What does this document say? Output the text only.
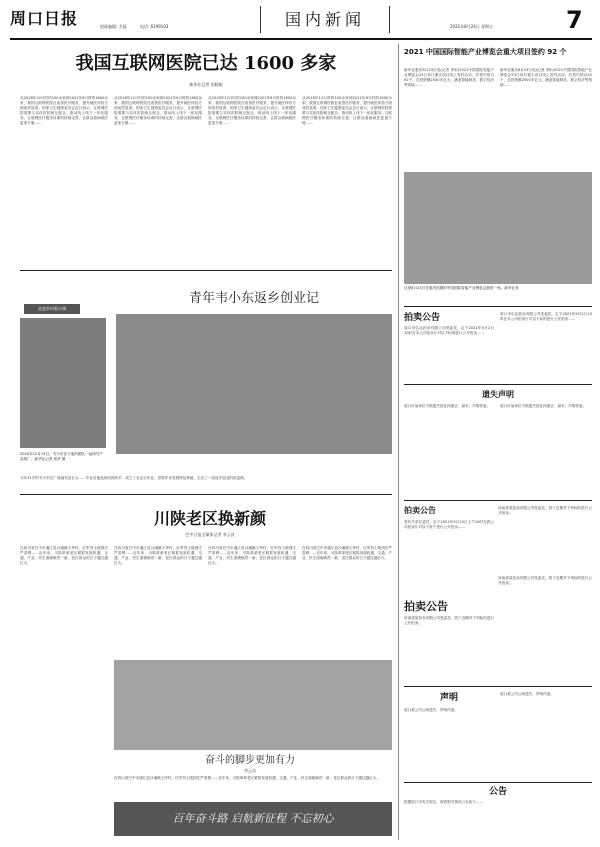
周口日报	值班编辑: 尤磊	电话: 6199103	国内新闻	2021年8月24日 星期五	7
我国互联网医院已达 1600 多家
新华社记者 田晓航
从2018年12月时的100余家到2021年6月时的1600余家，我国互联网医院在改善医疗服务、提升就医体验方面成效显著。国家卫生健康委员会近日表示，互联网医院需要与实体医院相互配合，推动线上线下一体化服务。互联网医疗服务体系的持续完善，让群众看病就医更加方便……
从2018年12月时的100余家到2021年6月时的1600余家，我国互联网医院在改善医疗服务、提升就医体验方面成效显著。国家卫生健康委员会近日表示，互联网医院需要与实体医院相互配合，推动线上线下一体化服务。互联网医疗服务体系的持续完善，让群众看病就医更加方便……
从2018年12月时的100余家到2021年6月时的1600余家，我国互联网医院在改善医疗服务、提升就医体验方面成效显著。国家卫生健康委员会近日表示，互联网医院需要与实体医院相互配合，推动线上线下一体化服务。互联网医疗服务体系的持续完善，让群众看病就医更加方便……
从2018年12月时的100余家到2021年6月时的1600余家，我国互联网医院在改善医疗服务、提升就医体验方面成效显著。国家卫生健康委员会近日表示，互联网医院需要与实体医院相互配合，推动线上线下一体化服务。互联网医疗服务体系的持续完善，让群众看病就医更加方便……
走进乡村看小康
2020年12月15日，韦小东在与他的团队一起研究产品推广。新华社记者 周华 摄
青年韦小东返乡创业记
今年31岁的韦小东在广西融安县长大……毕业后他选择回到家乡，成立了农业合作社，带领乡亲发展特色种植，走出了一条返乡创业的致富路。
川陕老区换新颜
巴中日报全媒体记者 李云良
在四川省巴中市通江县沙溪镇王坪村，红军烈士陵园庄严肃穆……近年来，川陕革命老区紧抓发展机遇，交通、产业、民生面貌焕然一新，老区群众的日子越过越红火。
在四川省巴中市通江县沙溪镇王坪村，红军烈士陵园庄严肃穆……近年来，川陕革命老区紧抓发展机遇，交通、产业、民生面貌焕然一新，老区群众的日子越过越红火。
在四川省巴中市通江县沙溪镇王坪村，红军烈士陵园庄严肃穆……近年来，川陕革命老区紧抓发展机遇，交通、产业、民生面貌焕然一新，老区群众的日子越过越红火。
在四川省巴中市通江县沙溪镇王坪村，红军烈士陵园庄严肃穆……近年来，川陕革命老区紧抓发展机遇，交通、产业、民生面貌焕然一新，老区群众的日子越过越红火。
奋斗的脚步更加有力
李云良
在四川省巴中市通江县沙溪镇王坪村，红军烈士陵园庄严肃穆……近年来，川陕革命老区紧抓发展机遇，交通、产业、民生面貌焕然一新，老区群众的日子越过越红火。
百年奋斗路 启航新征程 不忘初心
2021 中国国际智能产业博览会重大项目签约 92 个
新华社重庆8月23日电(记者 李松)2021中国国际智能产业博览会23日举行重大项目线上签约活动，共签约项目92个，总投资额2500多亿元，涵盖智能制造、数字经济等领域……
新华社重庆8月23日电(记者 李松)2021中国国际智能产业博览会23日举行重大项目线上签约活动，共签约项目92个，总投资额2500多亿元，涵盖智能制造、数字经济等领域……
这是8月23日在重庆拍摄的中国国际智能产业博览会展馆一角。新华社发
拍卖公告
周口市弘达拍卖有限公司受委托，定于2021年9月2日10时在本公司拍卖厅对以下标的进行公开拍卖……
周口市弘达拍卖有限公司受委托，定于2021年9月2日10时在本公司拍卖厅对以下标的进行公开拍卖……
遗失声明
周口市某单位不慎遗失营业执照正、副本，声明作废。	周口市某单位不慎遗失营业执照正、副本，声明作废。
拍卖公告
受有关单位委托，定于2021年9月10日上午10时在我公司拍卖厅对以下资产进行公开拍卖……
河南省某拍卖有限公司受委托，将于近期对下列标的进行公开拍卖。
拍卖公告
河南省某拍卖有限公司受委托，将于近期对下列标的进行公开拍卖。
河南省某拍卖有限公司受委托，将于近期对下列标的进行公开拍卖。
声明
周口某公司公章遗失，声明作废。
周口某公司公章遗失，声明作废。
公告
根据周口市有关规定，现将相关事项公告如下……
